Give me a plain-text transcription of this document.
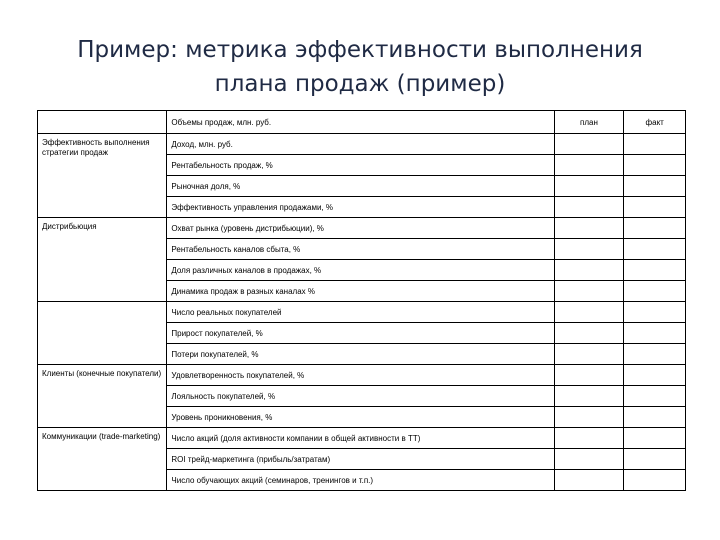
Пример: метрика эффективности выполнения
плана продаж (пример)
	Объемы продаж, млн. руб.	план	факт

Эффективность выполнения стратегии продаж	Доход, млн. руб.		
	Рентабельность продаж, %		
	Рыночная доля, %		
	Эффективность управления продажами, %		

Дистрибьюция	Охват рынка (уровень дистрибьюции), %		
	Рентабельность каналов сбыта, %		
	Доля различных каналов в продажах, %		
	Динамика продаж в разных каналах %		
	Число реальных покупателей		
	Прирост покупателей, %		
	Потери покупателей, %		

Клиенты (конечные покупатели)	Удовлетворенность покупателей, %		
	Лояльность покупателей, %		
	Уровень проникновения, %		

Коммуникации (trade-marketing)	Число акций (доля активности компании в общей активности в ТТ)		
	ROI трейд-маркетинга (прибыль/затратам)		
	Число обучающих акций (семинаров, тренингов и т.п.)		
